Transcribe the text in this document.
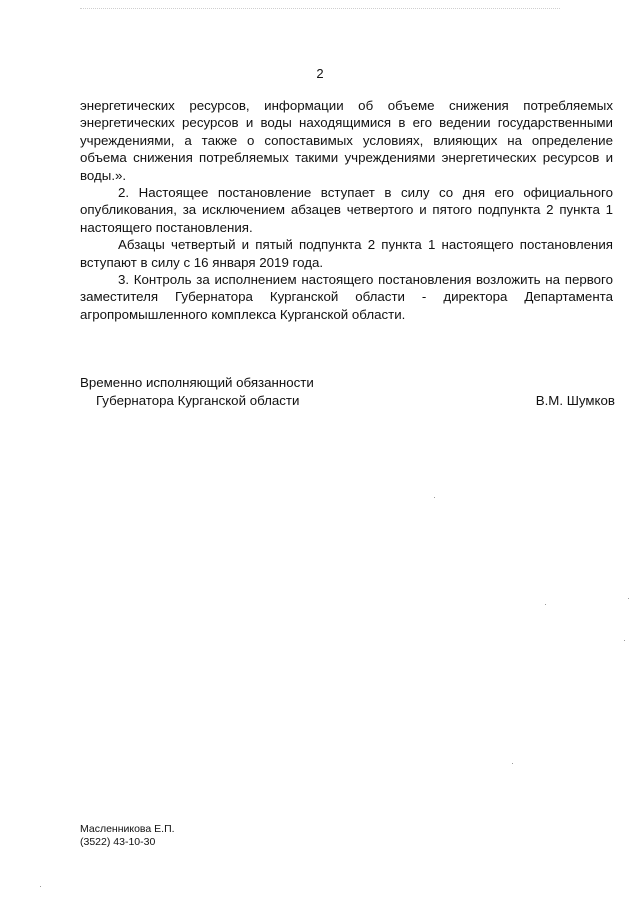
2

энергетических ресурсов, информации об объеме снижения потребляемых энергетических ресурсов и воды находящимися в его ведении государственными учреждениями, а также о сопоставимых условиях, влияющих на определение объема снижения потребляемых такими учреждениями энергетических ресурсов и воды.».

2. Настоящее постановление вступает в силу со дня его официального опубликования, за исключением абзацев четвертого и пятого подпункта 2 пункта 1 настоящего постановления.

Абзацы четвертый и пятый подпункта 2 пункта 1 настоящего постановления вступают в силу с 16 января 2019 года.

3. Контроль за исполнением настоящего постановления возложить на первого заместителя Губернатора Курганской области - директора Департамента агропромышленного комплекса Курганской области.

Временно исполняющий обязанности
Губернатора Курганской области	В.М. Шумков
Масленникова Е.П.
(3522) 43-10-30
